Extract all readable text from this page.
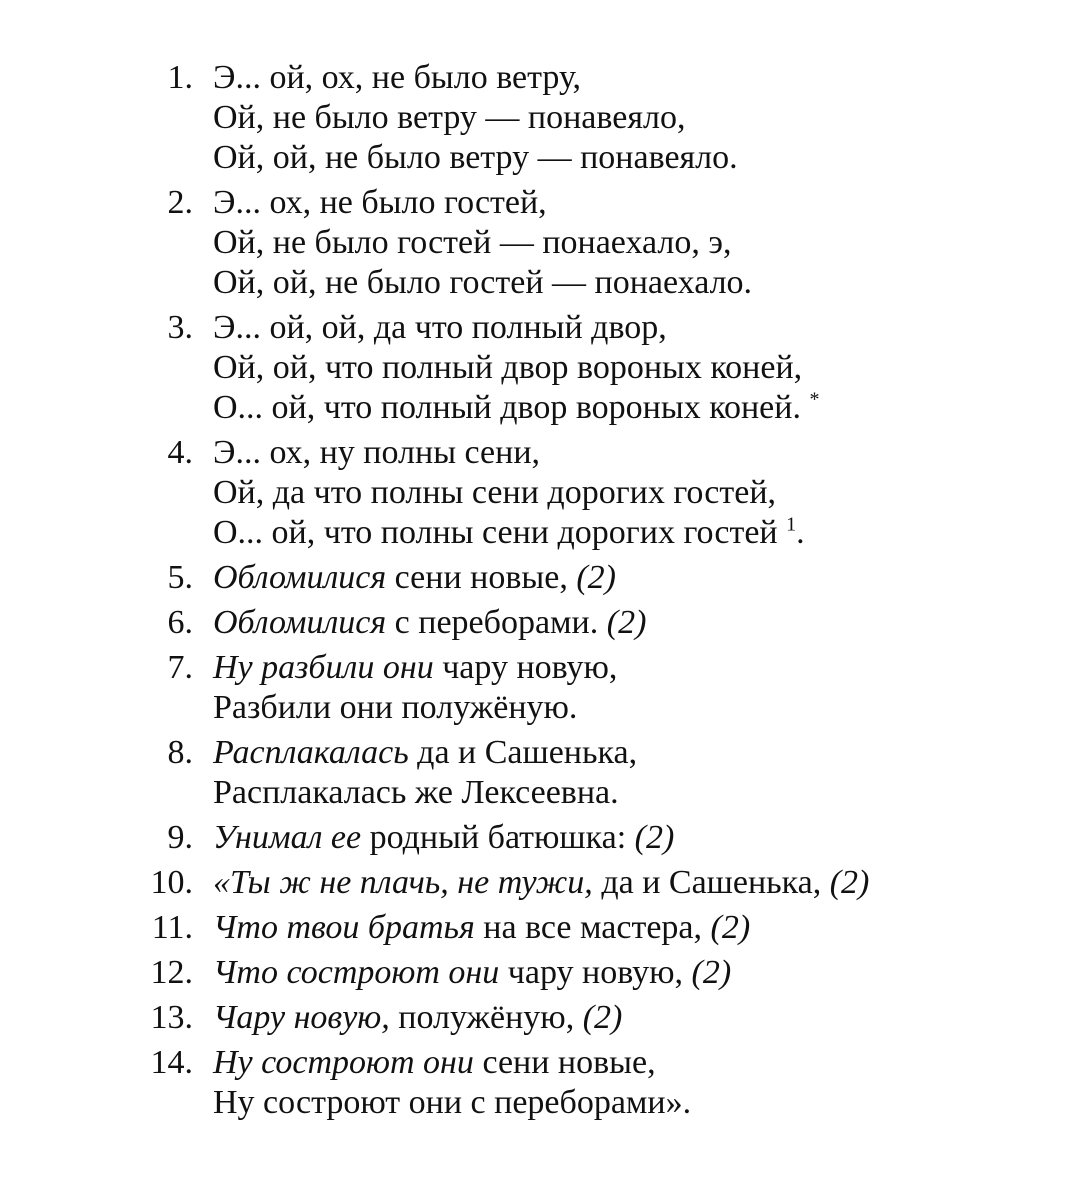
1. Э... ой, ох, не было ветру,
Ой, не было ветру — понавеяло,
Ой, ой, не было ветру — понавеяло.
2. Э... ох, не было гостей,
Ой, не было гостей — понаехало, э,
Ой, ой, не было гостей — понаехало.
3. Э... ой, ой, да что полный двор,
Ой, ой, что полный двор вороных коней,
О... ой, что полный двор вороных коней. *
4. Э... ох, ну полны сени,
Ой, да что полны сени дорогих гостей,
О... ой, что полны сени дорогих гостей $^1$.
5. Обломилися сени новые, (2)
6. Обломилися с переборами. (2)
7. Ну разбили они чару новую,
Разбили они полужёную.
8. Расплакалась да и Сашенька,
Расплакалась же Лексеевна.
9. Унимал ее родный батюшка: (2)
10. «Ты ж не плачь, не тужи, да и Сашенька, (2)
11. Что твои братья на все мастера, (2)
12. Что состроют они чару новую, (2)
13. Чару новую, полужёную, (2)
14. Ну состроют они сени новые,
Ну состроют они с переборами».
